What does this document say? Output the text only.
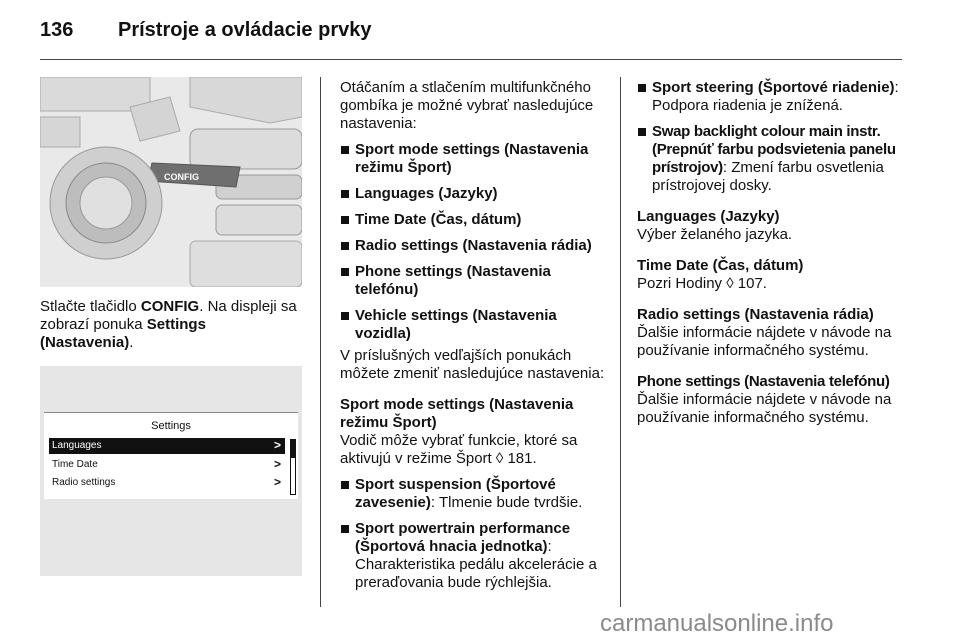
136 Prístroje a ovládacie prvky
CONFIG

Stlačte tlačidlo CONFIG. Na displeji sa zobrazí ponuka Settings (Nastavenia).

Settings
Languages	>
Time Date	>
Radio settings	>

Otáčaním a stlačením multifunkčného gombíka je možné vybrať nasledujúce nastavenia:

Sport mode settings (Nastavenia režimu Šport)
Languages (Jazyky)
Time Date (Čas, dátum)
Radio settings (Nastavenia rádia)
Phone settings (Nastavenia telefónu)
Vehicle settings (Nastavenia vozidla)

V príslušných vedľajších ponukách môžete zmeniť nasledujúce nastavenia:

Sport mode settings (Nastavenia režimu Šport)

Vodič môže vybrať funkcie, ktoré sa aktivujú v režime Šport ◊ 181.

Sport suspension (Športové zavesenie): Tlmenie bude tvrdšie.
Sport powertrain performance (Športová hnacia jednotka): Charakteristika pedálu akcelerácie a preraďovania bude rýchlejšia.
Sport steering (Športové riadenie): Podpora riadenia je znížená.
Swap backlight colour main instr. (Prepnúť farbu podsvietenia panelu prístrojov): Zmení farbu osvetlenia prístrojovej dosky.

Languages (Jazyky)

Výber želaného jazyka.

Time Date (Čas, dátum)

Pozri Hodiny ◊ 107.

Radio settings (Nastavenia rádia)

Ďalšie informácie nájdete v návode na používanie informačného systému.

Phone settings (Nastavenia telefónu)

Ďalšie informácie nájdete v návode na používanie informačného systému.

carmanualsonline.info
